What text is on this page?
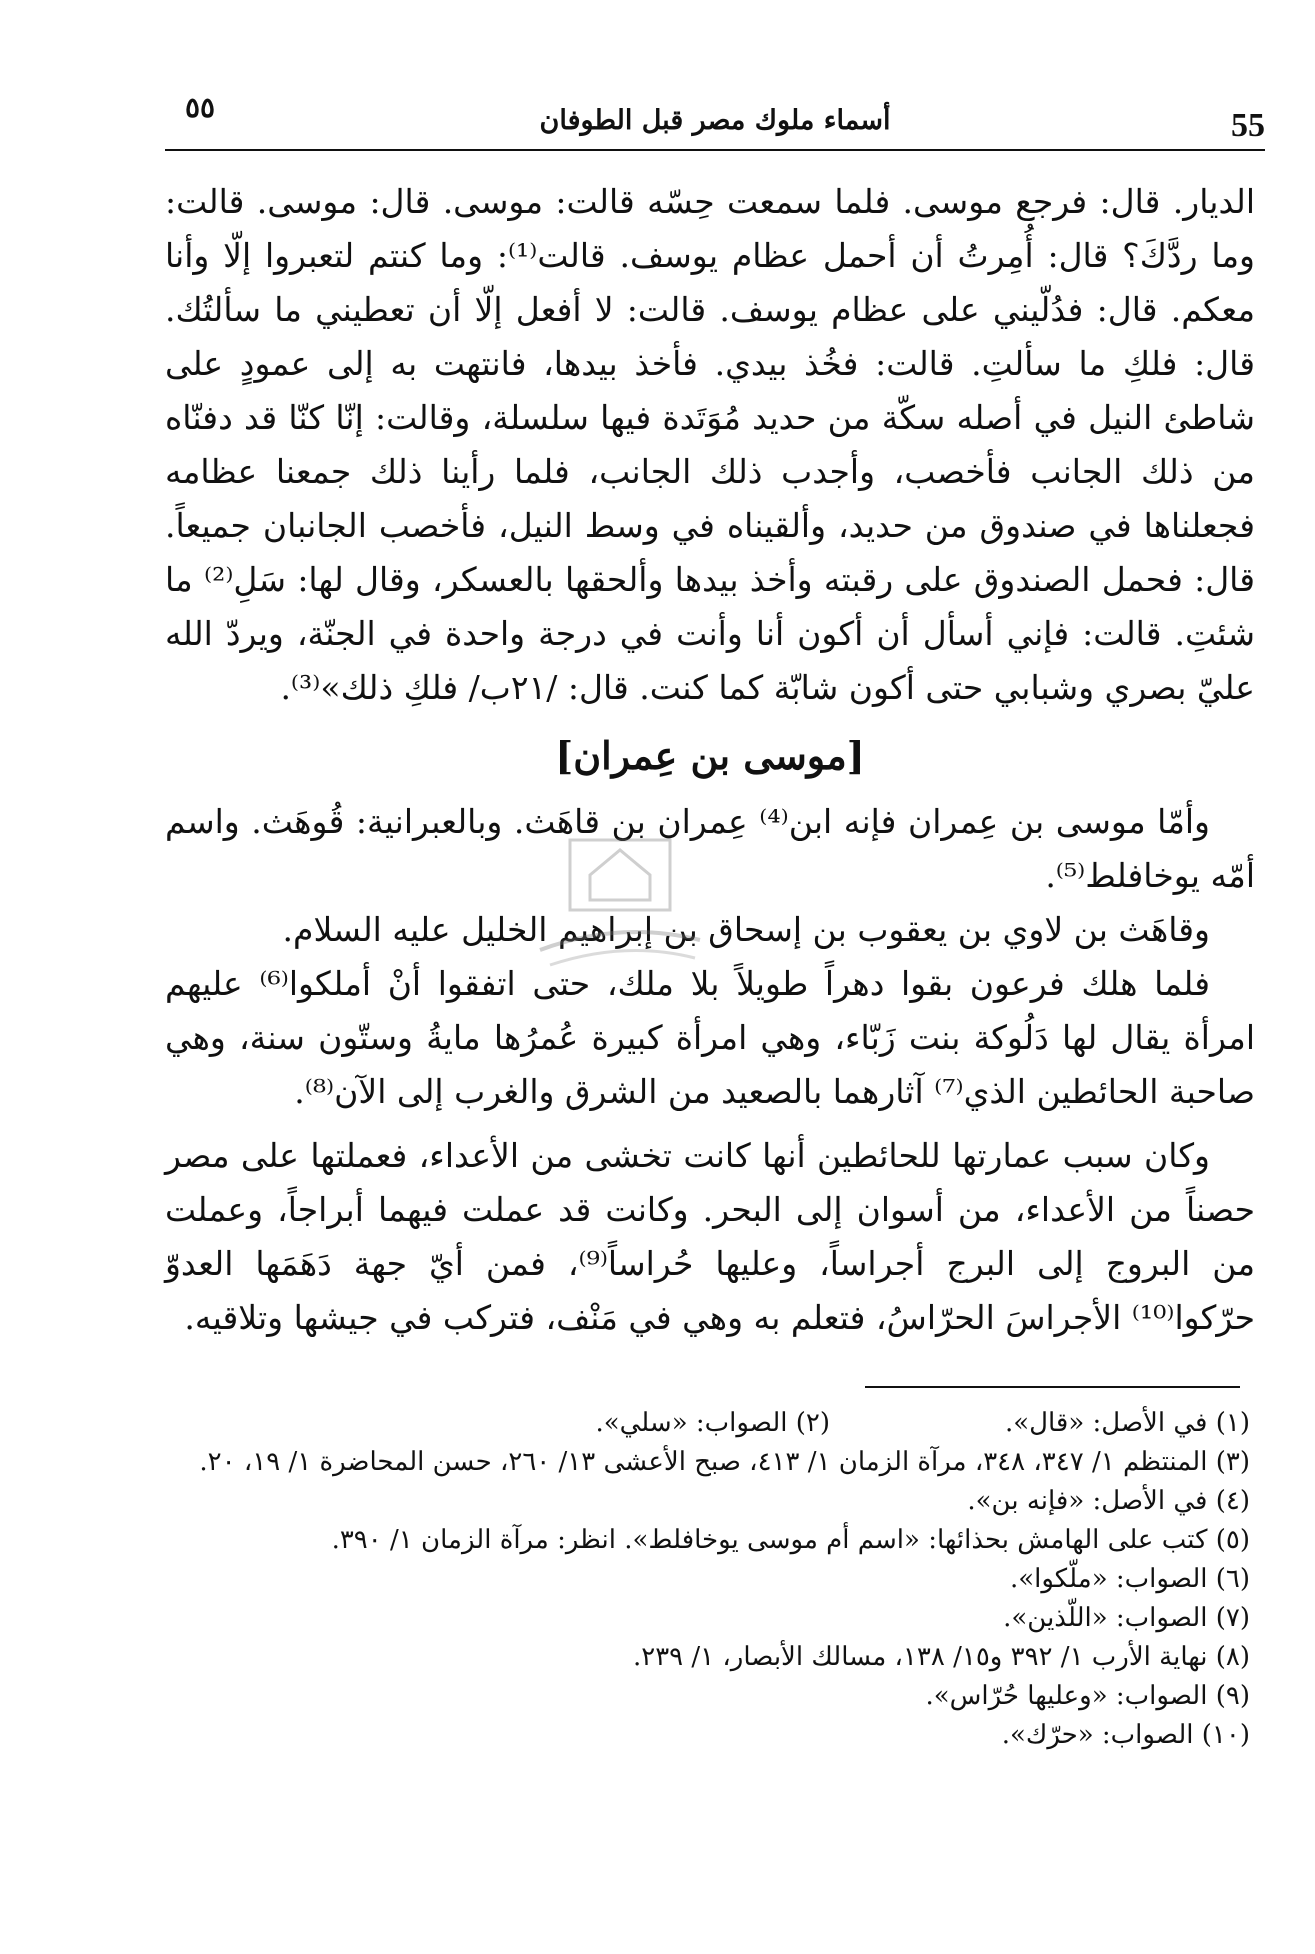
55
أسماء ملوك مصر قبل الطوفان
٥٥

الديار. قال: فرجع موسى. فلما سمعت حِسّه قالت: موسى. قال: موسى. قالت: وما ردَّكَ؟ قال: أُمِرتُ أن أحمل عظام يوسف. قالت⁽¹⁾: وما كنتم لتعبروا إلّا وأنا معكم. قال: فدُلّيني على عظام يوسف. قالت: لا أفعل إلّا أن تعطيني ما سألتُك. قال: فلكِ ما سألتِ. قالت: فخُذ بيدي. فأخذ بيدها، فانتهت به إلى عمودٍ على شاطئ النيل في أصله سكّة من حديد مُوَتَدة فيها سلسلة، وقالت: إنّا كنّا قد دفنّاه من ذلك الجانب فأخصب، وأجدب ذلك الجانب، فلما رأينا ذلك جمعنا عظامه فجعلناها في صندوق من حديد، وألقيناه في وسط النيل، فأخصب الجانبان جميعاً. قال: فحمل الصندوق على رقبته وأخذ بيدها وألحقها بالعسكر، وقال لها: سَلِ⁽²⁾ ما شئتِ. قالت: فإني أسأل أن أكون أنا وأنت في درجة واحدة في الجنّة، ويردّ الله عليّ بصري وشبابي حتى أكون شابّة كما كنت. قال: /٢١ب/ فلكِ ذلك»⁽³⁾.

[موسى بن عِمران]

وأمّا موسى بن عِمران فإنه ابن⁽⁴⁾ عِمران بن قاهَث. وبالعبرانية: قُوهَث. واسم أمّه يوخافلط⁽⁵⁾.

وقاهَث بن لاوي بن يعقوب بن إسحاق بن إبراهيم الخليل عليه السلام.

فلما هلك فرعون بقوا دهراً طويلاً بلا ملك، حتى اتفقوا أنْ أملكوا⁽⁶⁾ عليهم امرأة يقال لها دَلُوكة بنت زَبّاء، وهي امرأة كبيرة عُمرُها مايةُ وستّون سنة، وهي صاحبة الحائطين الذي⁽⁷⁾ آثارهما بالصعيد من الشرق والغرب إلى الآن⁽⁸⁾.

وكان سبب عمارتها للحائطين أنها كانت تخشى من الأعداء، فعملتها على مصر حصناً من الأعداء، من أسوان إلى البحر. وكانت قد عملت فيهما أبراجاً، وعملت من البروج إلى البرج أجراساً، وعليها حُراساً⁽⁹⁾، فمن أيّ جهة دَهَمَها العدوّ حرّكوا⁽¹⁰⁾ الأجراسَ الحرّاسُ، فتعلم به وهي في مَنْف، فتركب في جيشها وتلاقيه.

(١) في الأصل: «قال».
(٢) الصواب: «سلي».

(٣) المنتظم ١/ ٣٤٧، ٣٤٨، مرآة الزمان ١/ ٤١٣، صبح الأعشى ١٣/ ٢٦٠، حسن المحاضرة ١/ ١٩، ٢٠.

(٤) في الأصل: «فإنه بن».

(٥) كتب على الهامش بحذائها: «اسم أم موسى يوخافلط». انظر: مرآة الزمان ١/ ٣٩٠.

(٦) الصواب: «ملّكوا».

(٧) الصواب: «اللّذين».

(٨) نهاية الأرب ١/ ٣٩٢ و١٥/ ١٣٨، مسالك الأبصار، ١/ ٢٣٩.

(٩) الصواب: «وعليها حُرّاس».

(١٠) الصواب: «حرّك».
